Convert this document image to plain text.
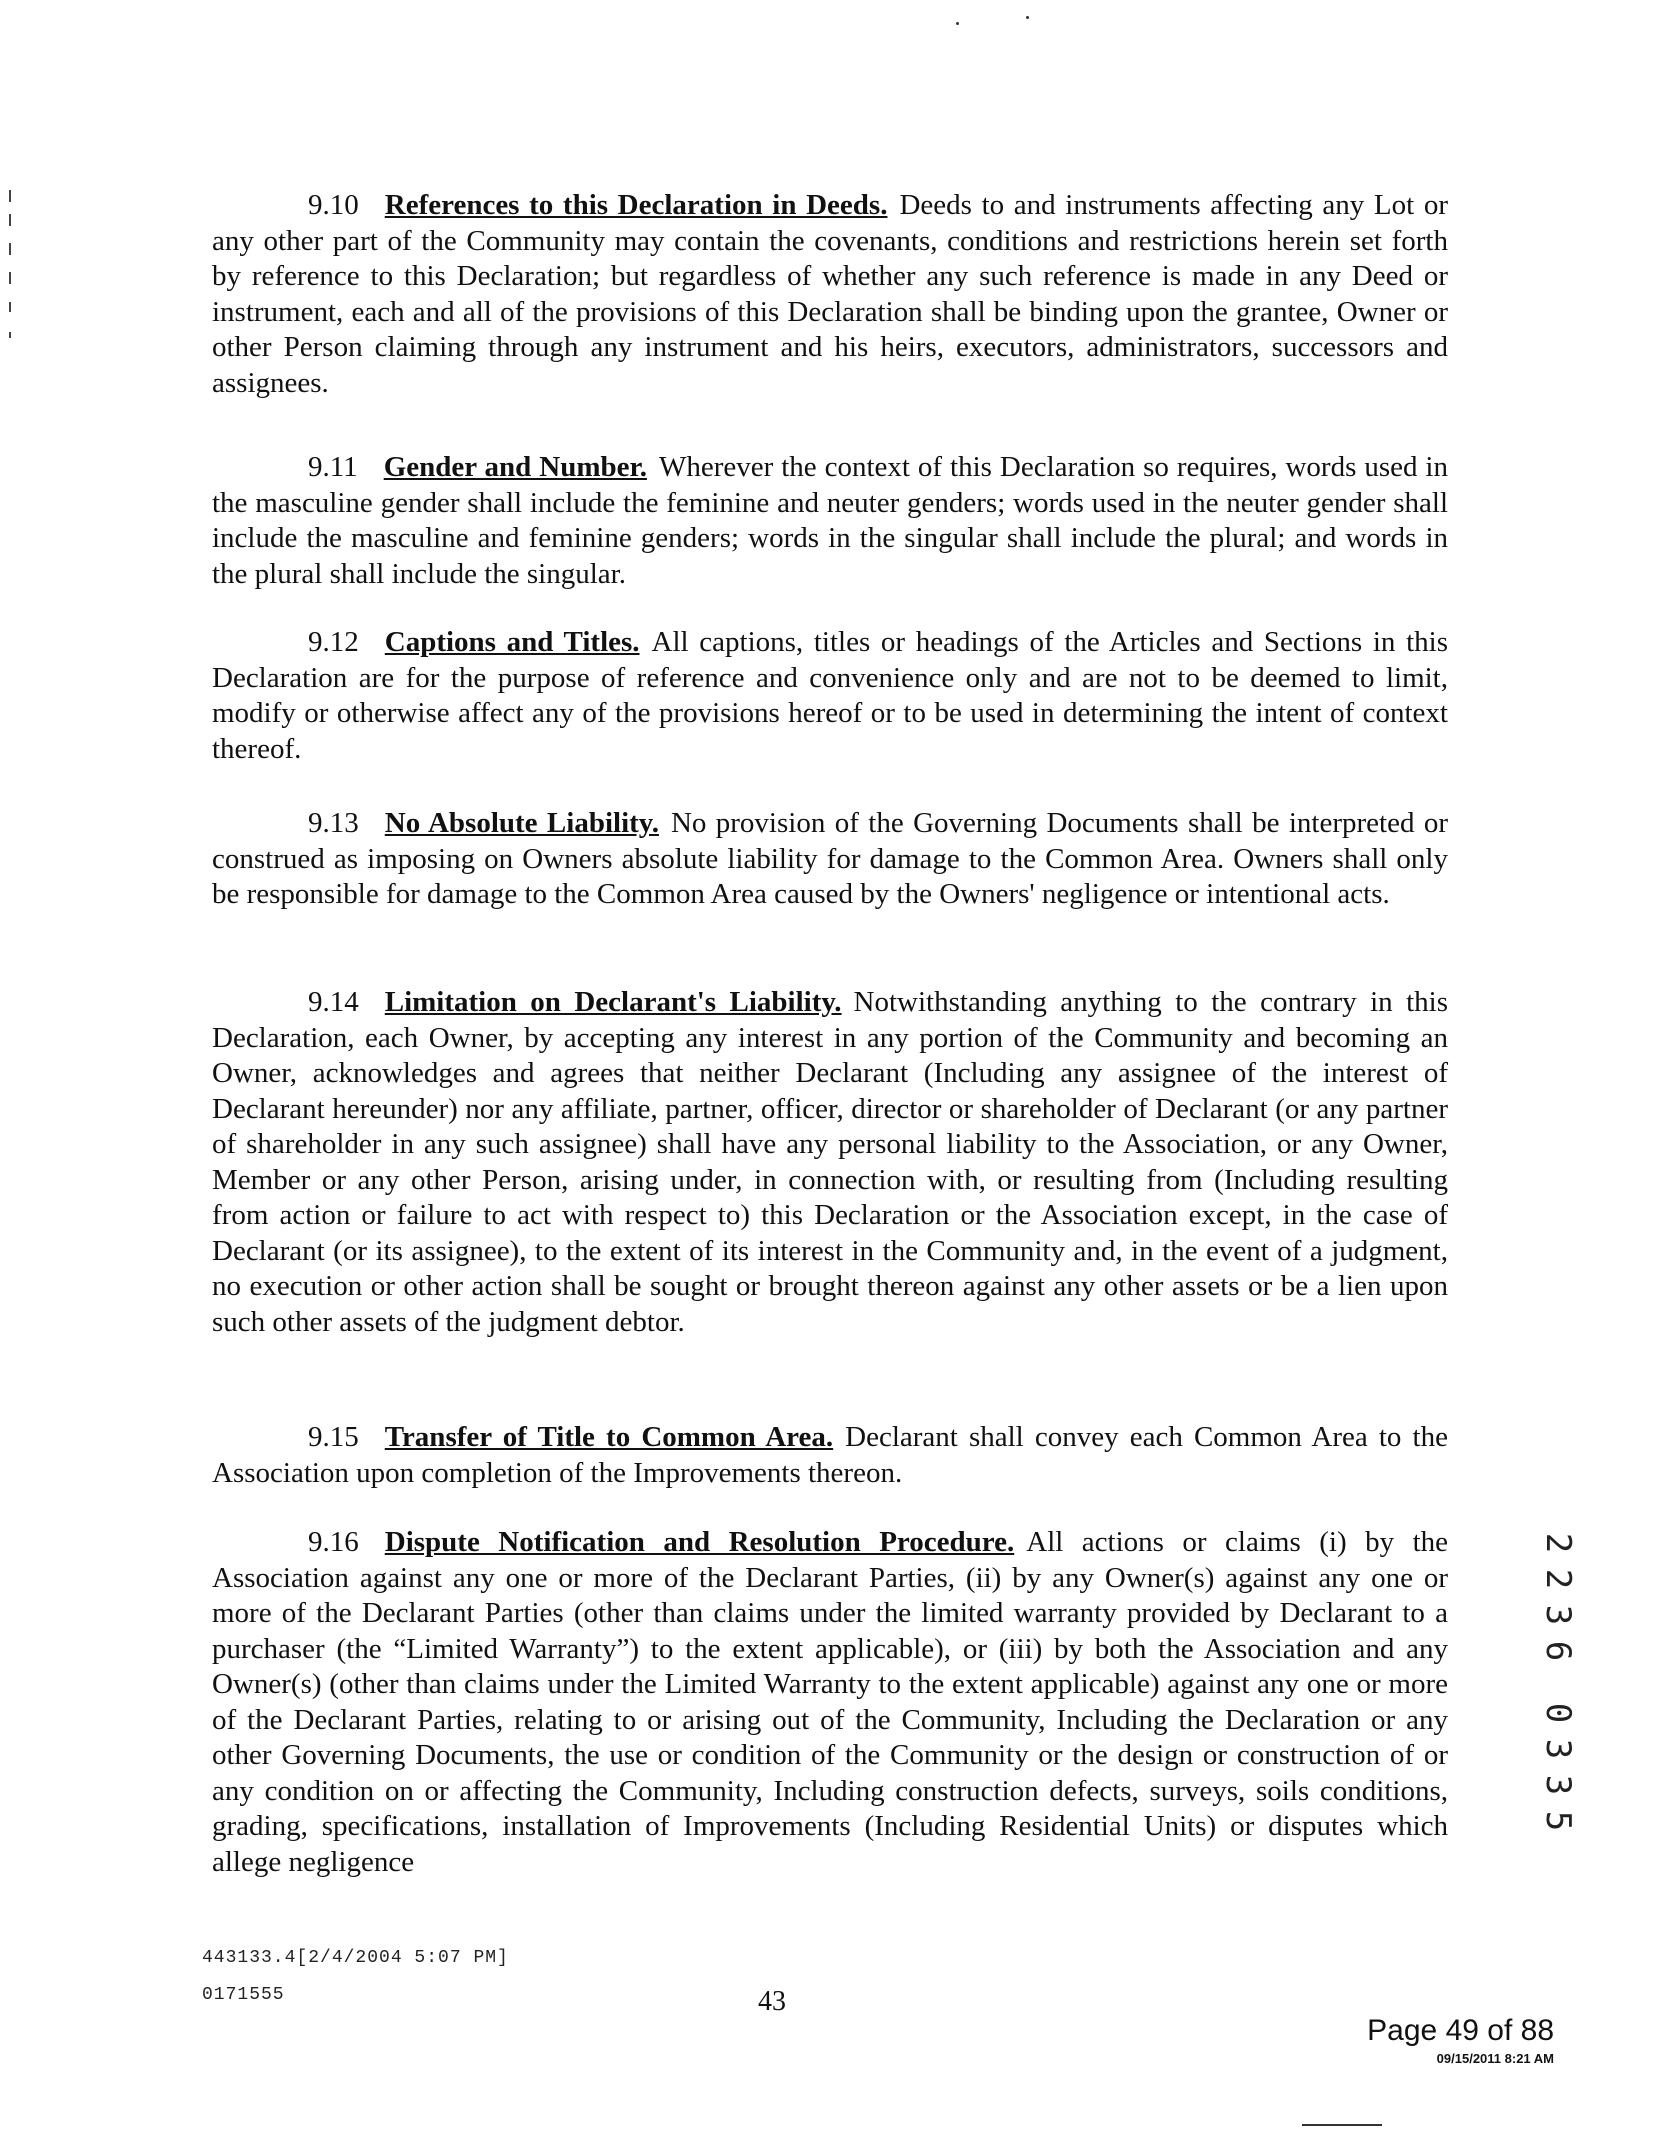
9.10 References to this Declaration in Deeds. Deeds to and instruments affecting any Lot or any other part of the Community may contain the covenants, conditions and restrictions herein set forth by reference to this Declaration; but regardless of whether any such reference is made in any Deed or instrument, each and all of the provisions of this Declaration shall be binding upon the grantee, Owner or other Person claiming through any instrument and his heirs, executors, administrators, successors and assignees.
9.11 Gender and Number. Wherever the context of this Declaration so requires, words used in the masculine gender shall include the feminine and neuter genders; words used in the neuter gender shall include the masculine and feminine genders; words in the singular shall include the plural; and words in the plural shall include the singular.
9.12 Captions and Titles. All captions, titles or headings of the Articles and Sections in this Declaration are for the purpose of reference and convenience only and are not to be deemed to limit, modify or otherwise affect any of the provisions hereof or to be used in determining the intent of context thereof.
9.13 No Absolute Liability. No provision of the Governing Documents shall be interpreted or construed as imposing on Owners absolute liability for damage to the Common Area. Owners shall only be responsible for damage to the Common Area caused by the Owners' negligence or intentional acts.
9.14 Limitation on Declarant's Liability. Notwithstanding anything to the contrary in this Declaration, each Owner, by accepting any interest in any portion of the Community and becoming an Owner, acknowledges and agrees that neither Declarant (Including any assignee of the interest of Declarant hereunder) nor any affiliate, partner, officer, director or shareholder of Declarant (or any partner of shareholder in any such assignee) shall have any personal liability to the Association, or any Owner, Member or any other Person, arising under, in connection with, or resulting from (Including resulting from action or failure to act with respect to) this Declaration or the Association except, in the case of Declarant (or its assignee), to the extent of its interest in the Community and, in the event of a judgment, no execution or other action shall be sought or brought thereon against any other assets or be a lien upon such other assets of the judgment debtor.
9.15 Transfer of Title to Common Area. Declarant shall convey each Common Area to the Association upon completion of the Improvements thereon.
9.16 Dispute Notification and Resolution Procedure. All actions or claims (i) by the Association against any one or more of the Declarant Parties, (ii) by any Owner(s) against any one or more of the Declarant Parties (other than claims under the limited warranty provided by Declarant to a purchaser (the “Limited Warranty”) to the extent applicable), or (iii) by both the Association and any Owner(s) (other than claims under the Limited Warranty to the extent applicable) against any one or more of the Declarant Parties, relating to or arising out of the Community, Including the Declaration or any other Governing Documents, the use or condition of the Community or the design or construction of or any condition on or affecting the Community, Including construction defects, surveys, soils conditions, grading, specifications, installation of Improvements (Including Residential Units) or disputes which allege negligence
2
2
3
6
0
3
3
5
443133.4[2/4/2004 5:07 PM]
0171555	43
Page 49 of 88
09/15/2011 8:21 AM
